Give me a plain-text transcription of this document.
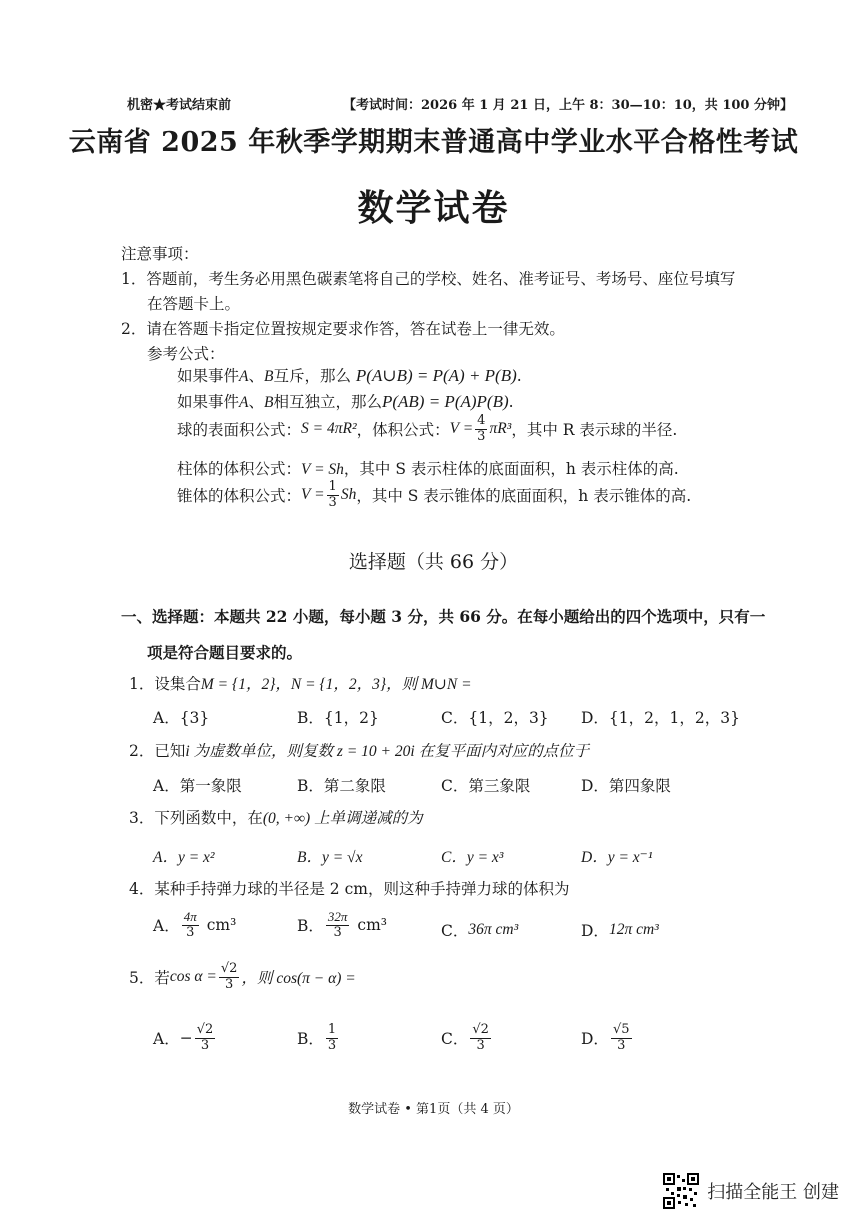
机密★考试结束前	【考试时间：2026 年 1 月 21 日，上午 8：30—10：10，共 100 分钟】
云南省 2025 年秋季学期期末普通高中学业水平合格性考试
数学试卷
注意事项：
1．答题前，考生务必用黑色碳素笔将自己的学校、姓名、准考证号、考场号、座位号填写
在答题卡上。
2．请在答题卡指定位置按规定要求作答，答在试卷上一律无效。
参考公式：
如果事件A、B互斥，那么 P(A∪B) = P(A) + P(B).
如果事件A、B相互独立，那么P(AB) = P(A)P(B).
球的表面积公式： S = 4πR² ，体积公式： $V = \frac{4}{3} \pi R^3$ ，其中 R 表示球的半径.
柱体的体积公式：V = Sh，其中 S 表示柱体的底面面积，h 表示柱体的高.
锥体的体积公式： $V = \frac{1}{3}$ Sh ，其中 S 表示锥体的底面面积，h 表示锥体的高.
选择题（共 66 分）
一、选择题：本题共 22 小题，每小题 3 分，共 66 分。在每小题给出的四个选项中，只有一
项是符合题目要求的。
1．设集合M = {1，2}，N = {1，2，3}，则 M∪N =
A．{3}	B．{1，2}	C．{1，2，3} D．{1，2，1，2，3}
2．已知i 为虚数单位，则复数 z = 10 + 20i 在复平面内对应的点位于
A．第一象限	B．第二象限	C．第三象限	D．第四象限
3．下列函数中，在(0, +∞) 上单调递减的为
A．y = x²	B．y = √x	C．y = x³	D．y = x⁻¹
4．某种手持弹力球的半径是 2 cm，则这种手持弹力球的体积为
A． $\frac{4\pi}{3} cm^3$	B． $\frac{32\pi}{3} cm^3$	C． 36π cm³	D． 12π cm³
5．若 $\cos \alpha = \frac{√2}{3}$ ，则 cos(π − α) =
A． − $\frac{√2}{3}$	B． $\frac{1}{3}$	C． $\frac{√2}{3}$	D． $\frac{√5}{3}$
数学试卷 • 第1页（共 4 页）
扫描全能王 创建
